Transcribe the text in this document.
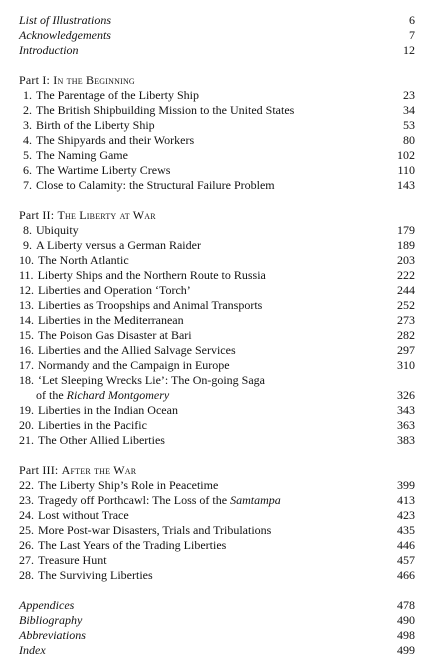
List of Illustrations	6
Acknowledgements	7
Introduction	12
Part I: In the Beginning
1. The Parentage of the Liberty Ship	23
2. The British Shipbuilding Mission to the United States	34
3. Birth of the Liberty Ship	53
4. The Shipyards and their Workers	80
5. The Naming Game	102
6. The Wartime Liberty Crews	110
7. Close to Calamity: the Structural Failure Problem	143
Part II: The Liberty at War
8. Ubiquity	179
9. A Liberty versus a German Raider	189
10. The North Atlantic	203
11. Liberty Ships and the Northern Route to Russia	222
12. Liberties and Operation ‘Torch’	244
13. Liberties as Troopships and Animal Transports	252
14. Liberties in the Mediterranean	273
15. The Poison Gas Disaster at Bari	282
16. Liberties and the Allied Salvage Services	297
17. Normandy and the Campaign in Europe	310
18. ‘Let Sleeping Wrecks Lie’: The On-going Saga
of the Richard Montgomery	326
19. Liberties in the Indian Ocean	343
20. Liberties in the Pacific	363
21. The Other Allied Liberties	383
Part III: After the War
22. The Liberty Ship’s Role in Peacetime	399
23. Tragedy off Porthcawl: The Loss of the Samtampa	413
24. Lost without Trace	423
25. More Post-war Disasters, Trials and Tribulations	435
26. The Last Years of the Trading Liberties	446
27. Treasure Hunt	457
28. The Surviving Liberties	466
Appendices	478
Bibliography	490
Abbreviations	498
Index	499
